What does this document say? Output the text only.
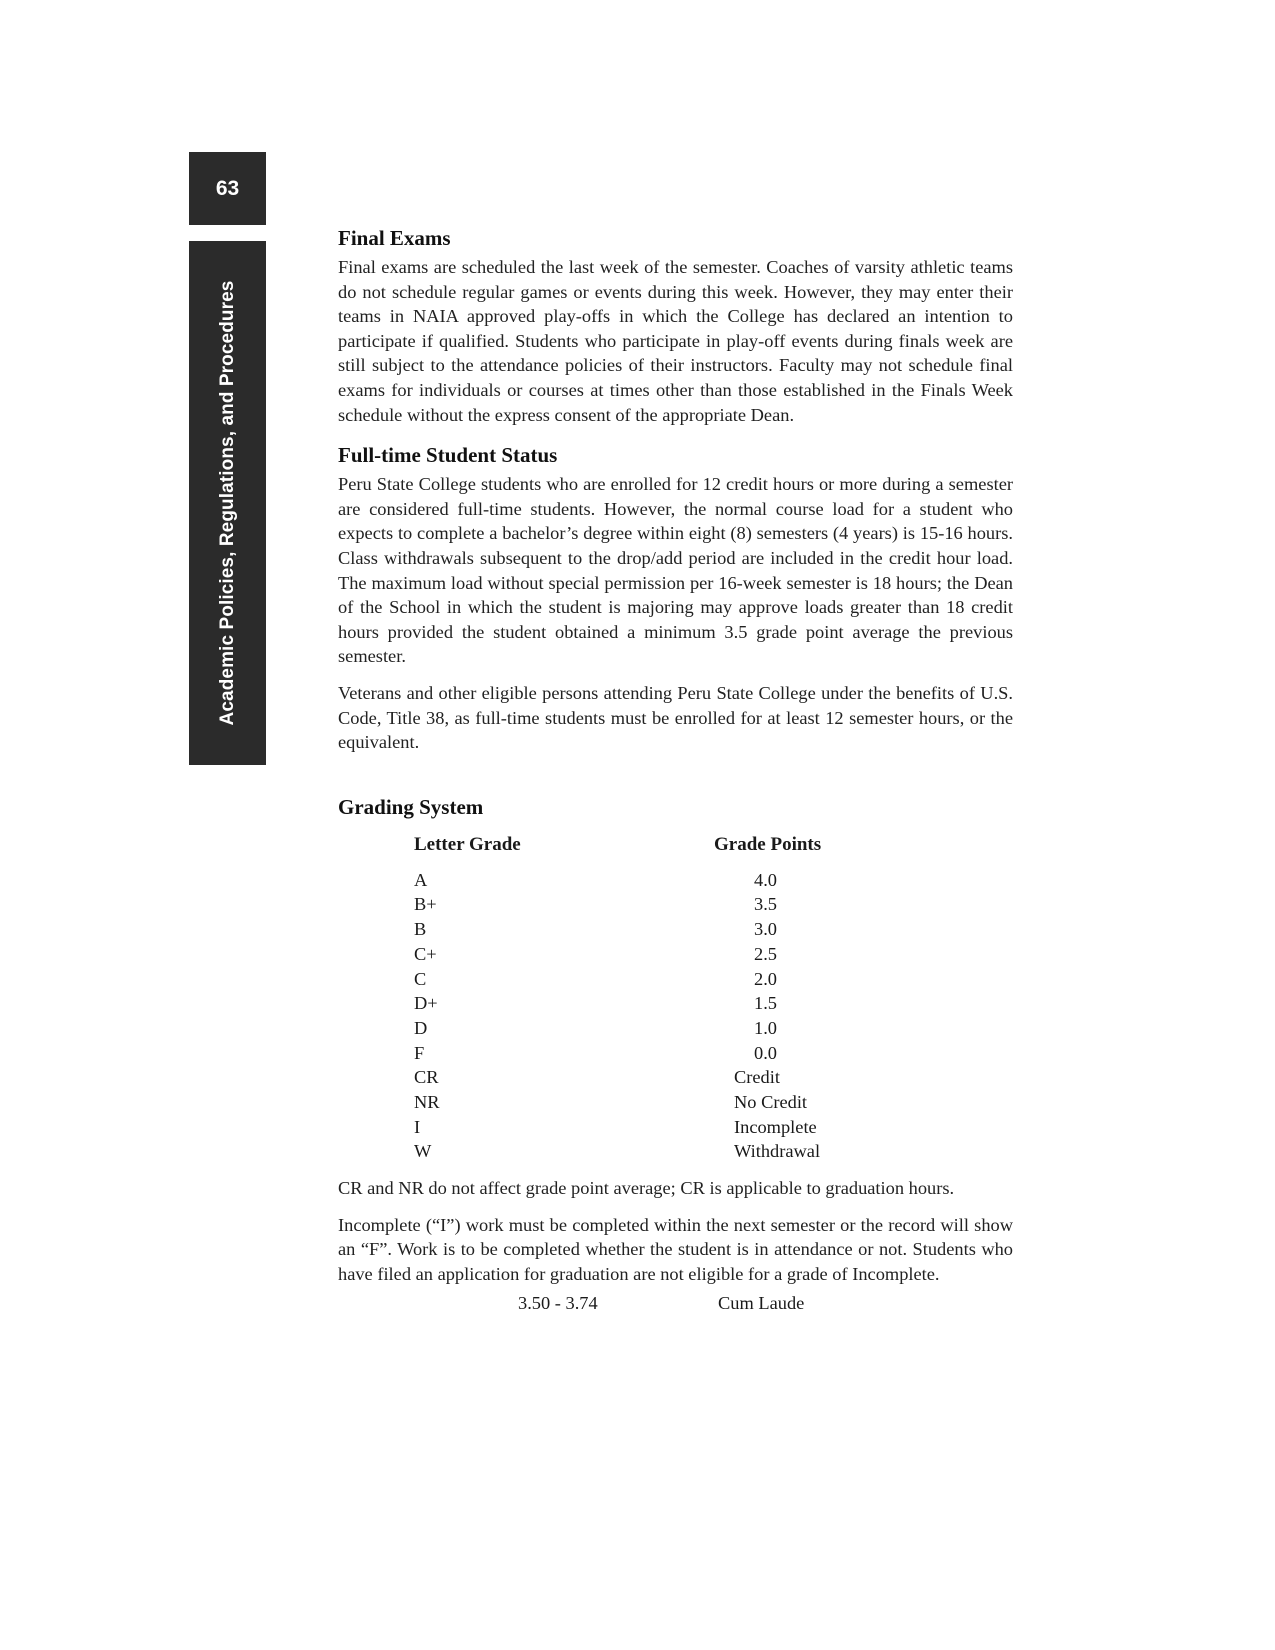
63
Academic Policies, Regulations, and Procedures
Final Exams

Final exams are scheduled the last week of the semester. Coaches of varsity athletic teams do not schedule regular games or events during this week. However, they may enter their teams in NAIA approved play-offs in which the College has declared an intention to participate if qualified. Students who participate in play-off events during finals week are still subject to the attendance policies of their instructors. Faculty may not schedule final exams for individuals or courses at times other than those established in the Finals Week schedule without the express consent of the appropriate Dean.

Full-time Student Status

Peru State College students who are enrolled for 12 credit hours or more during a semester are considered full-time students. However, the normal course load for a student who expects to complete a bachelor’s degree within eight (8) semesters (4 years) is 15-16 hours. Class withdrawals subsequent to the drop/add period are included in the credit hour load. The maximum load without special permission per 16-week semester is 18 hours; the Dean of the School in which the student is majoring may approve loads greater than 18 credit hours provided the student obtained a minimum 3.5 grade point average the previous semester.

Veterans and other eligible persons attending Peru State College under the benefits of U.S. Code, Title 38, as full-time students must be enrolled for at least 12 semester hours, or the equivalent.

Grading System
Letter Grade	Grade Points
A	4.0
B+	3.5
B	3.0
C+	2.5
C	2.0
D+	1.5
D	1.0
F	0.0
CR	Credit
NR	No Credit
I	Incomplete
W	Withdrawal

CR and NR do not affect grade point average; CR is applicable to graduation hours.

Incomplete (“I”) work must be completed within the next semester or the record will show an “F”. Work is to be completed whether the student is in attendance or not. Students who have filed an application for graduation are not eligible for a grade of Incomplete.

3.50 - 3.74	Cum Laude
